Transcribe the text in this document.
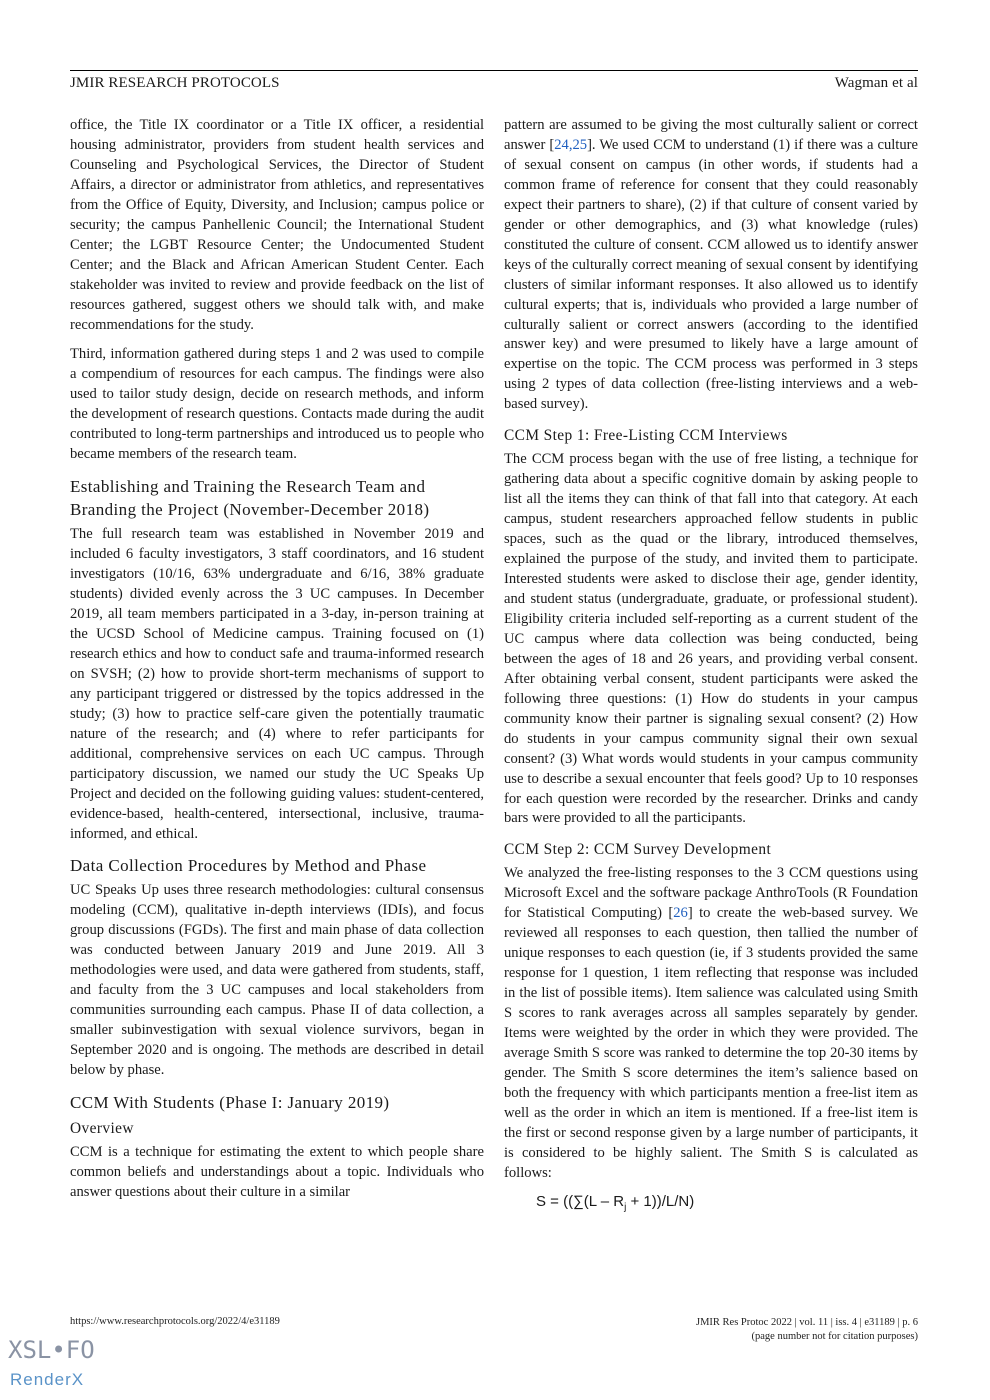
JMIR RESEARCH PROTOCOLS	Wagman et al

office, the Title IX coordinator or a Title IX officer, a residential housing administrator, providers from student health services and Counseling and Psychological Services, the Director of Student Affairs, a director or administrator from athletics, and representatives from the Office of Equity, Diversity, and Inclusion; campus police or security; the campus Panhellenic Council; the International Student Center; the LGBT Resource Center; the Undocumented Student Center; and the Black and African American Student Center. Each stakeholder was invited to review and provide feedback on the list of resources gathered, suggest others we should talk with, and make recommendations for the study.

Third, information gathered during steps 1 and 2 was used to compile a compendium of resources for each campus. The findings were also used to tailor study design, decide on research methods, and inform the development of research questions. Contacts made during the audit contributed to long-term partnerships and introduced us to people who became members of the research team.

Establishing and Training the Research Team and Branding the Project (November-December 2018)

The full research team was established in November 2019 and included 6 faculty investigators, 3 staff coordinators, and 16 student investigators (10/16, 63% undergraduate and 6/16, 38% graduate students) divided evenly across the 3 UC campuses. In December 2019, all team members participated in a 3-day, in-person training at the UCSD School of Medicine campus. Training focused on (1) research ethics and how to conduct safe and trauma-informed research on SVSH; (2) how to provide short-term mechanisms of support to any participant triggered or distressed by the topics addressed in the study; (3) how to practice self-care given the potentially traumatic nature of the research; and (4) where to refer participants for additional, comprehensive services on each UC campus. Through participatory discussion, we named our study the UC Speaks Up Project and decided on the following guiding values: student-centered, evidence-based, health-centered, intersectional, inclusive, trauma-informed, and ethical.

Data Collection Procedures by Method and Phase

UC Speaks Up uses three research methodologies: cultural consensus modeling (CCM), qualitative in-depth interviews (IDIs), and focus group discussions (FGDs). The first and main phase of data collection was conducted between January 2019 and June 2019. All 3 methodologies were used, and data were gathered from students, staff, and faculty from the 3 UC campuses and local stakeholders from communities surrounding each campus. Phase II of data collection, a smaller subinvestigation with sexual violence survivors, began in September 2020 and is ongoing. The methods are described in detail below by phase.

CCM With Students (Phase I: January 2019)
Overview

CCM is a technique for estimating the extent to which people share common beliefs and understandings about a topic. Individuals who answer questions about their culture in a similar

pattern are assumed to be giving the most culturally salient or correct answer [24,25]. We used CCM to understand (1) if there was a culture of sexual consent on campus (in other words, if students had a common frame of reference for consent that they could reasonably expect their partners to share), (2) if that culture of consent varied by gender or other demographics, and (3) what knowledge (rules) constituted the culture of consent. CCM allowed us to identify answer keys of the culturally correct meaning of sexual consent by identifying clusters of similar informant responses. It also allowed us to identify cultural experts; that is, individuals who provided a large number of culturally salient or correct answers (according to the identified answer key) and were presumed to likely have a large amount of expertise on the topic. The CCM process was performed in 3 steps using 2 types of data collection (free-listing interviews and a web-based survey).

CCM Step 1: Free-Listing CCM Interviews

The CCM process began with the use of free listing, a technique for gathering data about a specific cognitive domain by asking people to list all the items they can think of that fall into that category. At each campus, student researchers approached fellow students in public spaces, such as the quad or the library, introduced themselves, explained the purpose of the study, and invited them to participate. Interested students were asked to disclose their age, gender identity, and student status (undergraduate, graduate, or professional student). Eligibility criteria included self-reporting as a current student of the UC campus where data collection was being conducted, being between the ages of 18 and 26 years, and providing verbal consent. After obtaining verbal consent, student participants were asked the following three questions: (1) How do students in your campus community know their partner is signaling sexual consent? (2) How do students in your campus community signal their own sexual consent? (3) What words would students in your campus community use to describe a sexual encounter that feels good? Up to 10 responses for each question were recorded by the researcher. Drinks and candy bars were provided to all the participants.

CCM Step 2: CCM Survey Development

We analyzed the free-listing responses to the 3 CCM questions using Microsoft Excel and the software package AnthroTools (R Foundation for Statistical Computing) [26] to create the web-based survey. We reviewed all responses to each question, then tallied the number of unique responses to each question (ie, if 3 students provided the same response for 1 question, 1 item reflecting that response was included in the list of possible items). Item salience was calculated using Smith S scores to rank averages across all samples separately by gender. Items were weighted by the order in which they were provided. The average Smith S score was ranked to determine the top 20-30 items by gender. The Smith S score determines the item’s salience based on both the frequency with which participants mention a free-list item as well as the order in which an item is mentioned. If a free-list item is the first or second response given by a large number of participants, it is considered to be highly salient. The Smith S is calculated as follows:

$S = ((\sum(L - R_j + 1))/L/N)$
https://www.researchprotocols.org/2022/4/e31189	JMIR Res Protoc 2022 | vol. 11 | iss. 4 | e31189 | p. 6
(page number not for citation purposes)
XSL•FO
RenderX
